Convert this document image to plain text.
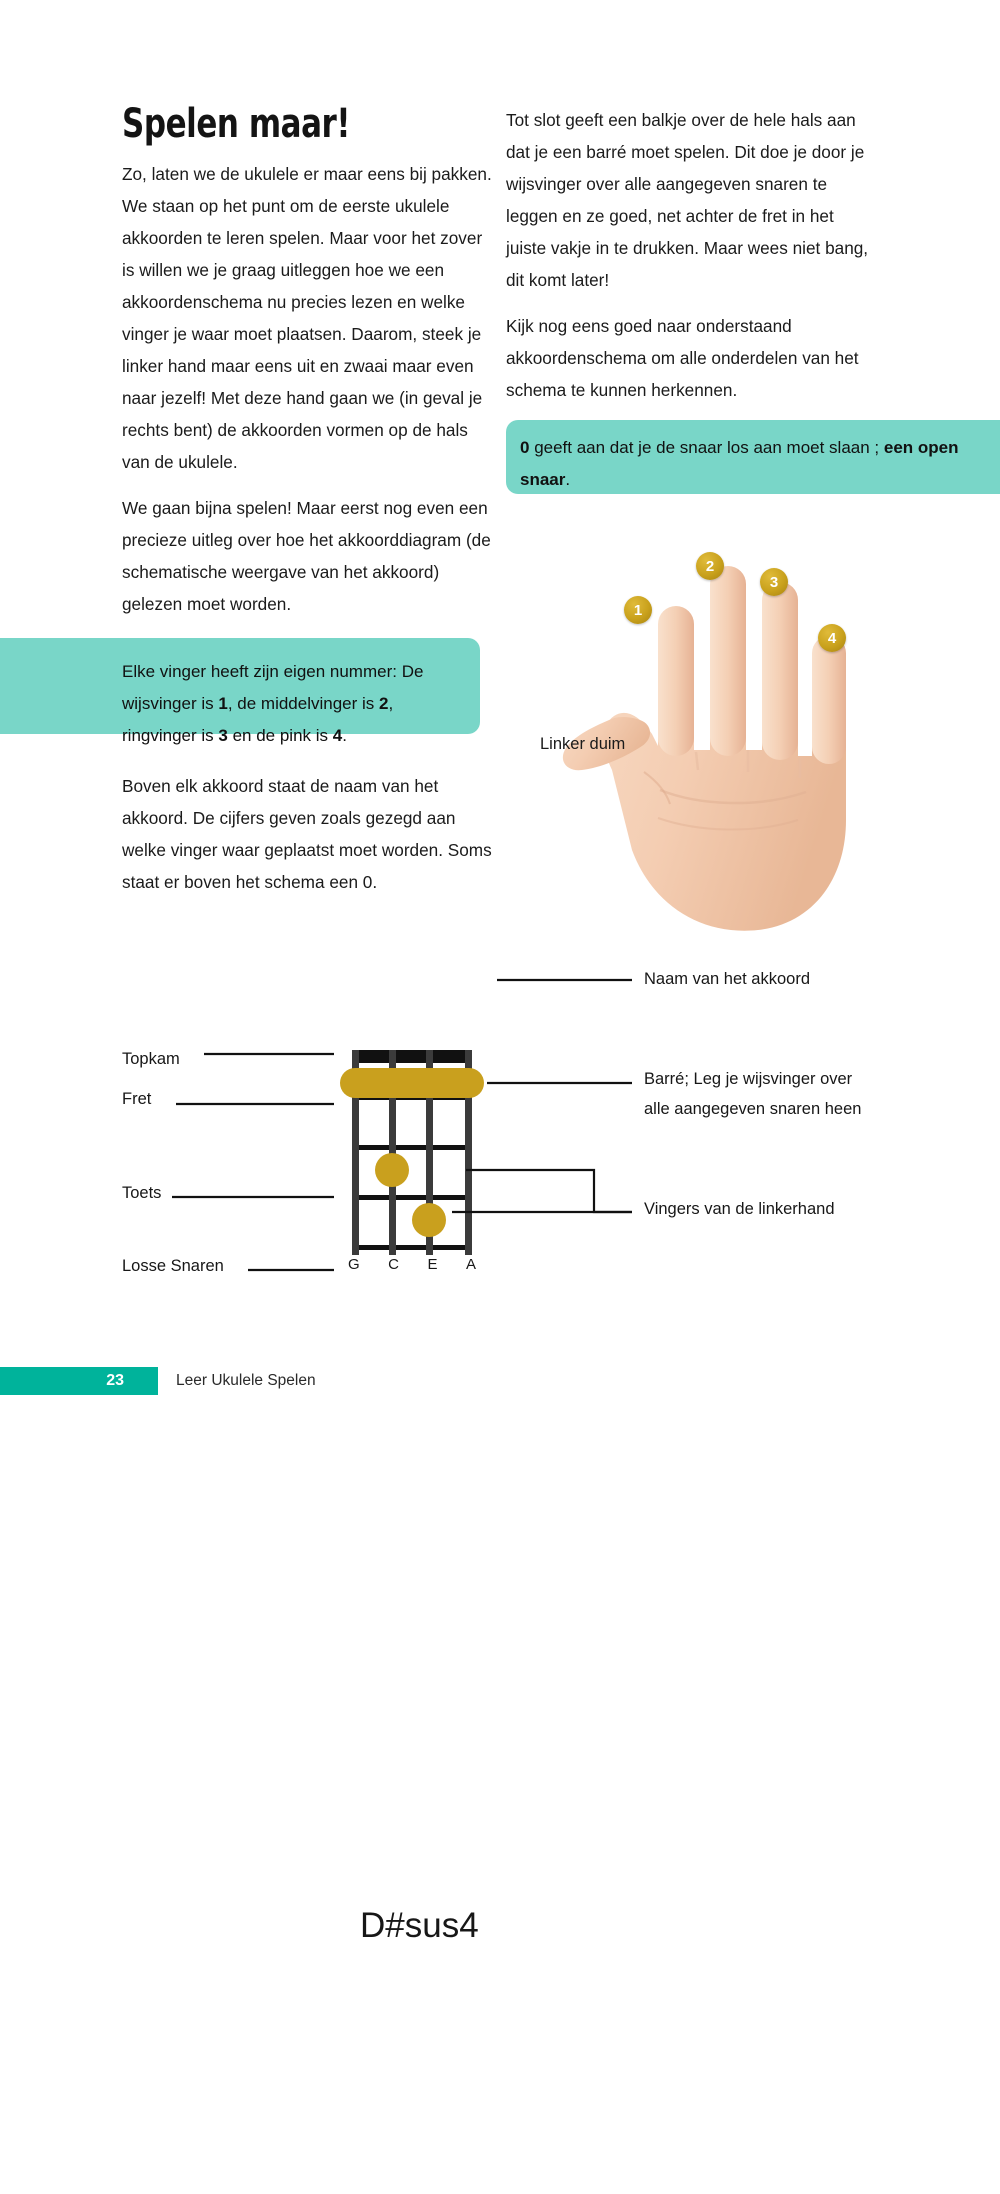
Spelen maar!

Zo, laten we de ukulele er maar eens bij pakken. We staan op het punt om de eerste ukulele akkoorden te leren spelen. Maar voor het zover is willen we je graag uitleggen hoe we een akkoordenschema nu precies lezen en welke vinger je waar moet plaatsen. Daarom, steek je linker hand maar eens uit en zwaai maar even naar jezelf! Met deze hand gaan we (in geval je rechts bent) de akkoorden vormen op de hals van de ukulele.

We gaan bijna spelen! Maar eerst nog even een precieze uitleg over hoe het akkoorddiagram (de schematische weergave van het akkoord) gelezen moet worden.

Boven elk akkoord staat de naam van het akkoord. De cijfers geven zoals gezegd aan welke vinger waar geplaatst moet worden. Soms staat er boven het schema een 0.

Tot slot geeft een balkje over de hele hals aan dat je een barré moet spelen. Dit doe je door je wijsvinger over alle aangegeven snaren te leggen en ze goed, net achter de fret in het juiste vakje in te drukken. Maar wees niet bang, dit komt later!

Kijk nog eens goed naar onderstaand akkoordenschema om alle onderdelen van het schema te kunnen herkennen.

Elke vinger heeft zijn eigen nummer: De wijsvinger is 1, de middelvinger is 2, ringvinger is 3 en de pink is 4.
0 geeft aan dat je de snaar los aan moet slaan ; een open snaar.
1
2
3
4
Linker duim
D#sus4
1
2
3
G C E A
Topkam
Fret
Toets
Losse Snaren
Naam van het akkoord
Barré; Leg je wijsvinger over
alle aangegeven snaren heen
Vingers van de linkerhand
23	Leer Ukulele Spelen
